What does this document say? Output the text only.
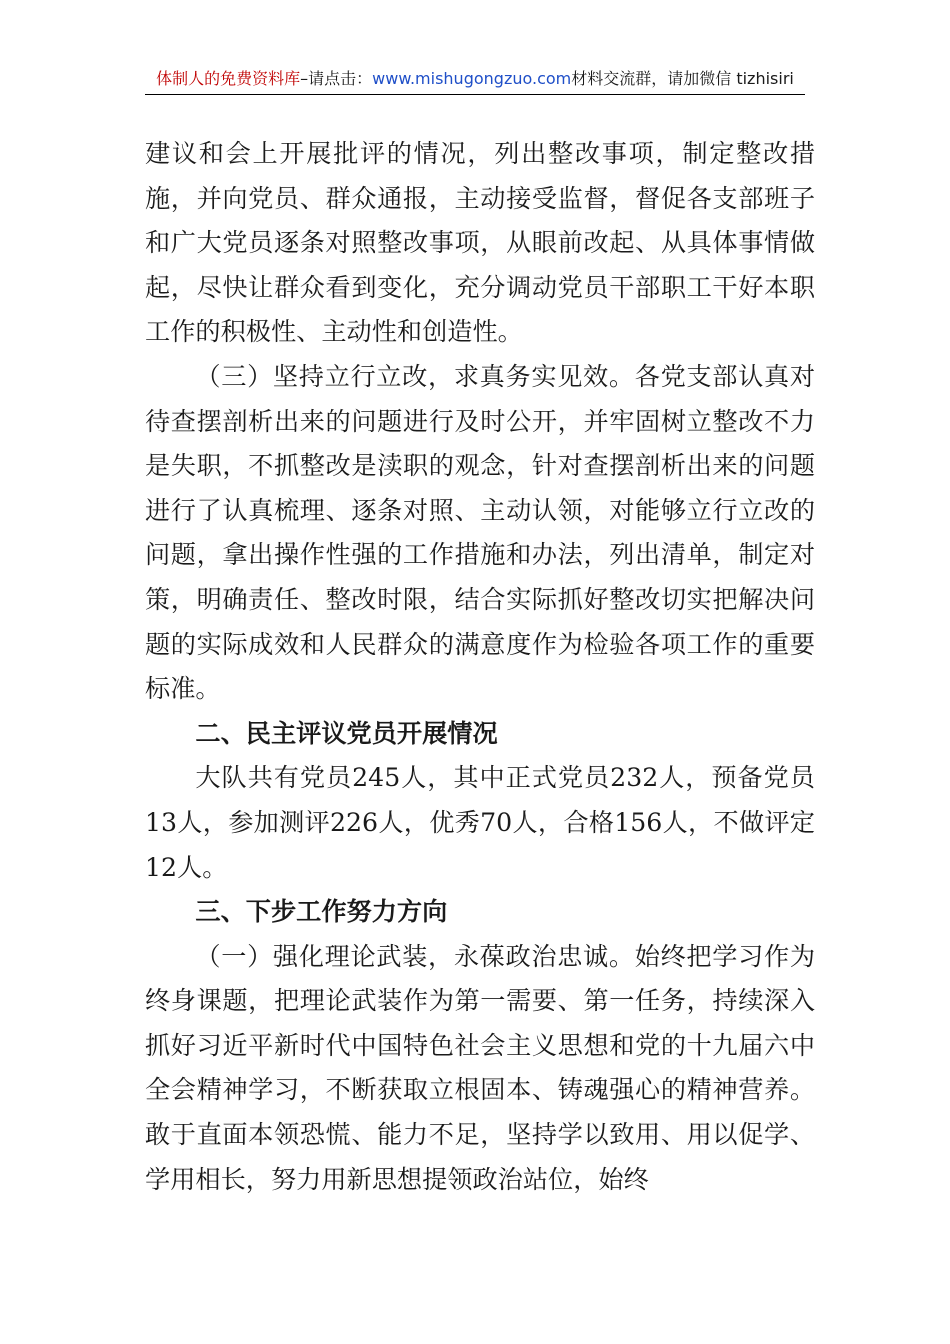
体制人的免费资料库–请点击：www.mishugongzuo.com材料交流群，请加微信 tizhisiri

建议和会上开展批评的情况，列出整改事项，制定整改措施，并向党员、群众通报，主动接受监督，督促各支部班子和广大党员逐条对照整改事项，从眼前改起、从具体事情做起，尽快让群众看到变化，充分调动党员干部职工干好本职工作的积极性、主动性和创造性。

（三）坚持立行立改，求真务实见效。各党支部认真对待查摆剖析出来的问题进行及时公开，并牢固树立整改不力是失职，不抓整改是渎职的观念，针对查摆剖析出来的问题进行了认真梳理、逐条对照、主动认领，对能够立行立改的问题，拿出操作性强的工作措施和办法，列出清单，制定对策，明确责任、整改时限，结合实际抓好整改切实把解决问题的实际成效和人民群众的满意度作为检验各项工作的重要标准。

二、民主评议党员开展情况

大队共有党员245人，其中正式党员232人，预备党员13人，参加测评226人，优秀70人，合格156人，不做评定12人。

三、下步工作努力方向

（一）强化理论武装，永葆政治忠诚。始终把学习作为终身课题，把理论武装作为第一需要、第一任务，持续深入抓好习近平新时代中国特色社会主义思想和党的十九届六中全会精神学习，不断获取立根固本、铸魂强心的精神营养。敢于直面本领恐慌、能力不足，坚持学以致用、用以促学、学用相长，努力用新思想提领政治站位，始终
